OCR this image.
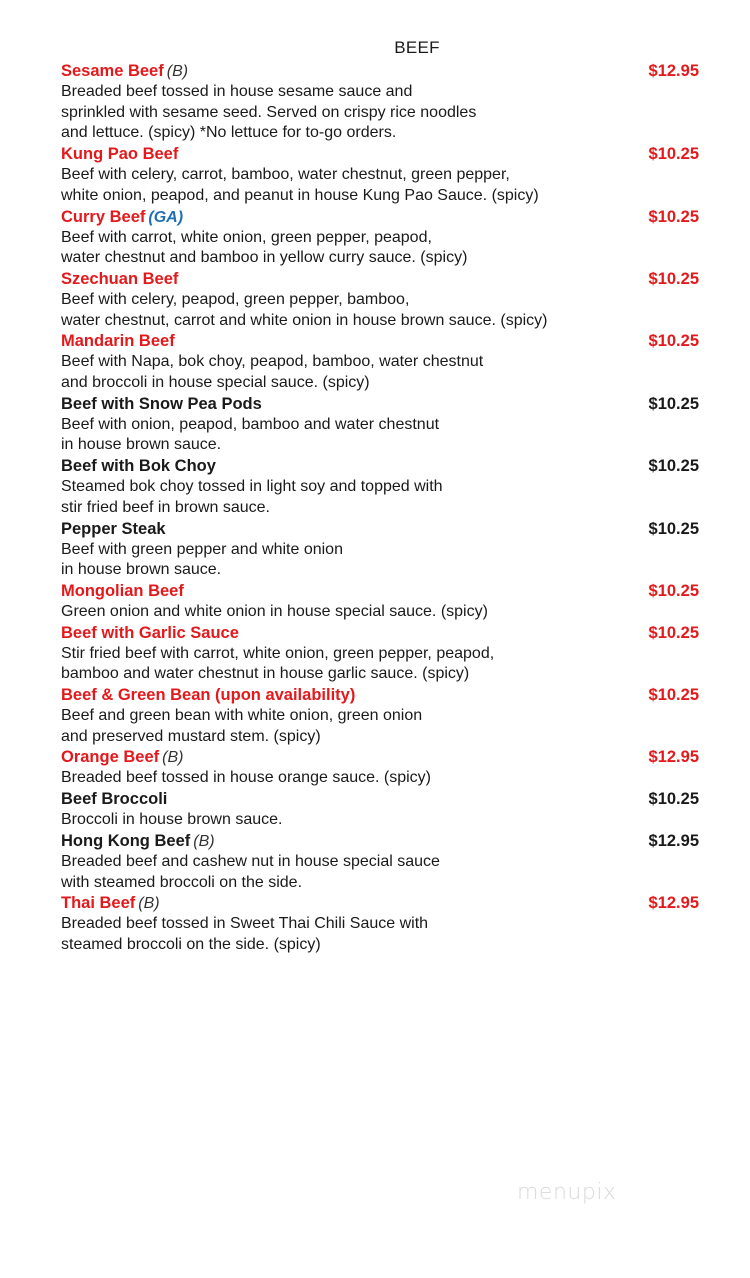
BEEF
Sesame Beef (B)	$12.95
Breaded beef tossed in house sesame sauce and
sprinkled with sesame seed. Served on crispy rice noodles
and lettuce. (spicy) *No lettuce for to-go orders.
Kung Pao Beef	$10.25
Beef with celery, carrot, bamboo, water chestnut, green pepper,
white onion, peapod, and peanut in house Kung Pao Sauce. (spicy)
Curry Beef (GA)	$10.25
Beef with carrot, white onion, green pepper, peapod,
water chestnut and bamboo in yellow curry sauce. (spicy)
Szechuan Beef	$10.25
Beef with celery, peapod, green pepper, bamboo,
water chestnut, carrot and white onion in house brown sauce. (spicy)
Mandarin Beef	$10.25
Beef with Napa, bok choy, peapod, bamboo, water chestnut
and broccoli in house special sauce. (spicy)
Beef with Snow Pea Pods	$10.25
Beef with onion, peapod, bamboo and water chestnut
in house brown sauce.
Beef with Bok Choy	$10.25
Steamed bok choy tossed in light soy and topped with
stir fried beef in brown sauce.
Pepper Steak	$10.25
Beef with green pepper and white onion
in house brown sauce.
Mongolian Beef	$10.25
Green onion and white onion in house special sauce. (spicy)
Beef with Garlic Sauce	$10.25
Stir fried beef with carrot, white onion, green pepper, peapod,
bamboo and water chestnut in house garlic sauce. (spicy)
Beef & Green Bean (upon availability)	$10.25
Beef and green bean with white onion, green onion
and preserved mustard stem. (spicy)
Orange Beef (B)	$12.95
Breaded beef tossed in house orange sauce. (spicy)
Beef Broccoli	$10.25
Broccoli in house brown sauce.
Hong Kong Beef (B)	$12.95
Breaded beef and cashew nut in house special sauce
with steamed broccoli on the side.
Thai Beef (B)	$12.95
Breaded beef tossed in Sweet Thai Chili Sauce with
steamed broccoli on the side. (spicy)
menupix
